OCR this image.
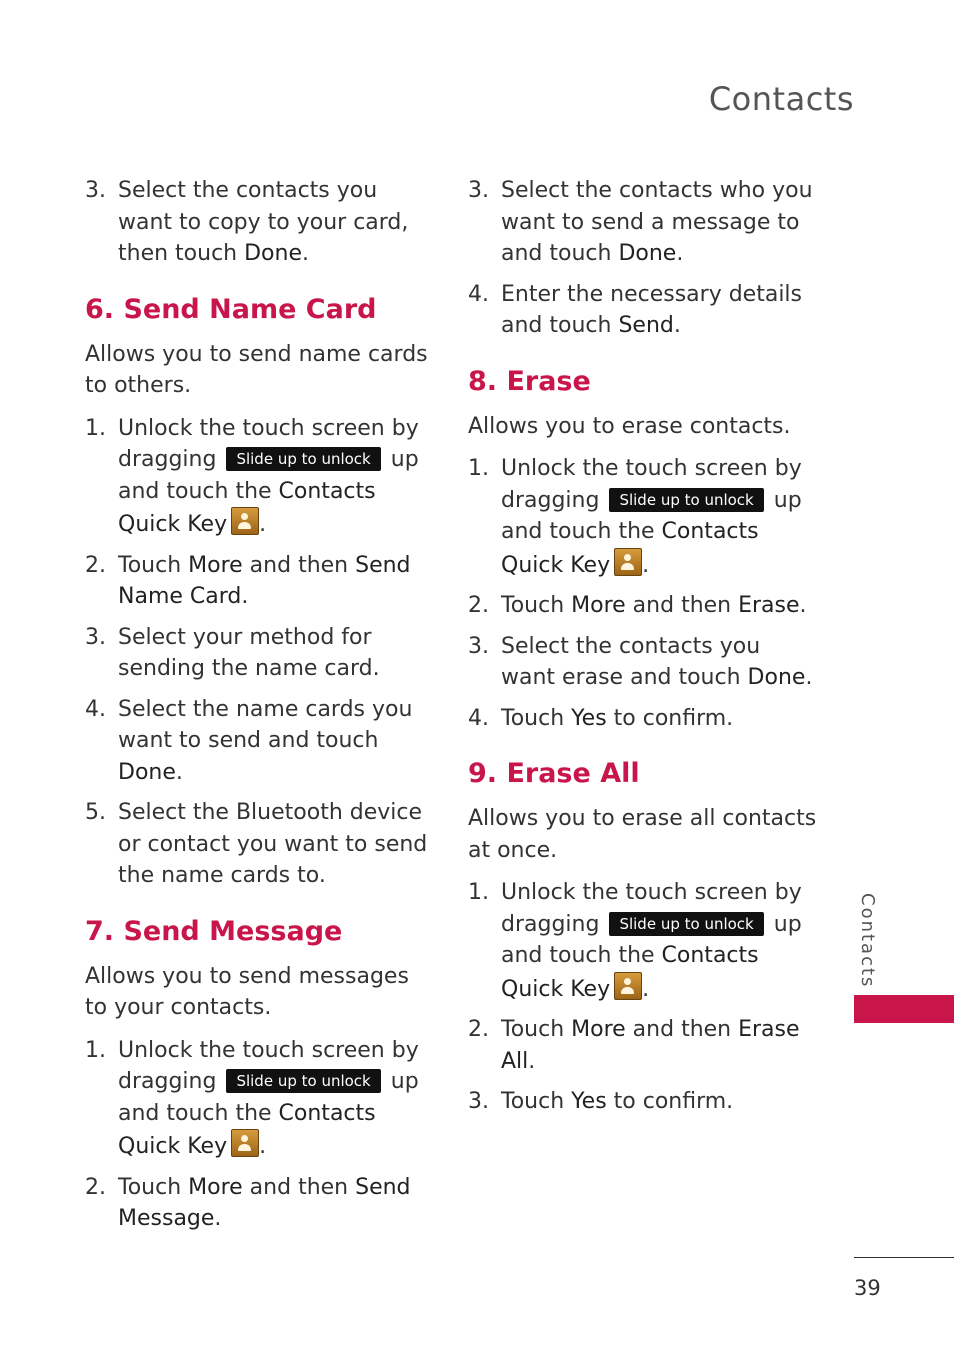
Contacts
3. Select the contacts you want to copy to your card, then touch Done.
6. Send Name Card

Allows you to send name cards to others.

1. Unlock the touch screen by dragging Slide up to unlock up and touch the Contacts Quick Key .
2. Touch More and then Send Name Card.
3. Select your method for sending the name card.
4. Select the name cards you want to send and touch Done.
5. Select the Bluetooth device or contact you want to send the name cards to.
7. Send Message

Allows you to send messages to your contacts.

1. Unlock the touch screen by dragging Slide up to unlock up and touch the Contacts Quick Key .
2. Touch More and then Send Message.
3. Select the contacts who you want to send a message to and touch Done.
4. Enter the necessary details and touch Send.
8. Erase

Allows you to erase contacts.

1. Unlock the touch screen by dragging Slide up to unlock up and touch the Contacts Quick Key .
2. Touch More and then Erase.
3. Select the contacts you want erase and touch Done.
4. Touch Yes to confirm.
9. Erase All

Allows you to erase all contacts at once.

1. Unlock the touch screen by dragging Slide up to unlock up and touch the Contacts Quick Key .
2. Touch More and then Erase All.
3. Touch Yes to confirm.
Contacts
39
